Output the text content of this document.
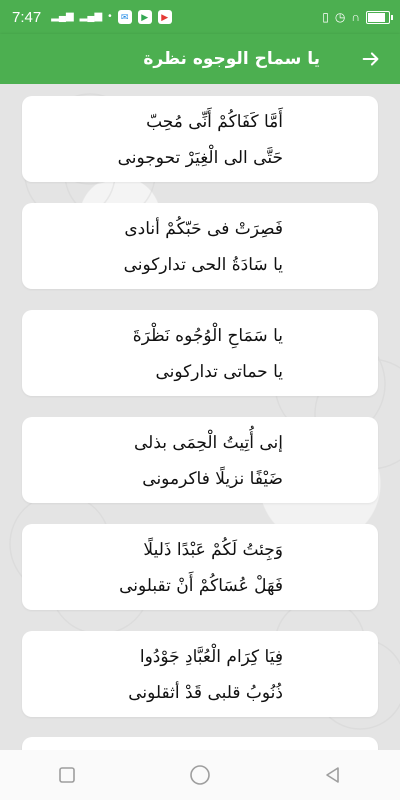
7:47 ▂▄▆ ▂▄▆ •	✉	▶	▶	▯ ◷ ∩
يا سماح الوجوه نظرة
أَمَّا كَفَاكُمْ أَنِّى مُحِبّ
حَتَّى الى الْغِيَرْ تحوجونى
فَصِرَتْ فى حَبّكُمْ أنادى
يا سَادَةُ الحى تداركونى
يا سَمَاحِ الْوُجُوه نَظْرَةَ
يا حماتى تداركونى
إنى أُتِيتُ الْحِمَى بذلى
ضَيْفًا نزيلًا فاكرمونى
وَجِئتُ لَكُمْ عَبْدًا ذَليلًا
فَهَلْ عُسَاكُمْ أَنْ تقبلونى
فِيَا كِرَام الْعُبَّادِ جَوْدُوا
ذُنُوبُ قلبى قَدْ أثقلونى
